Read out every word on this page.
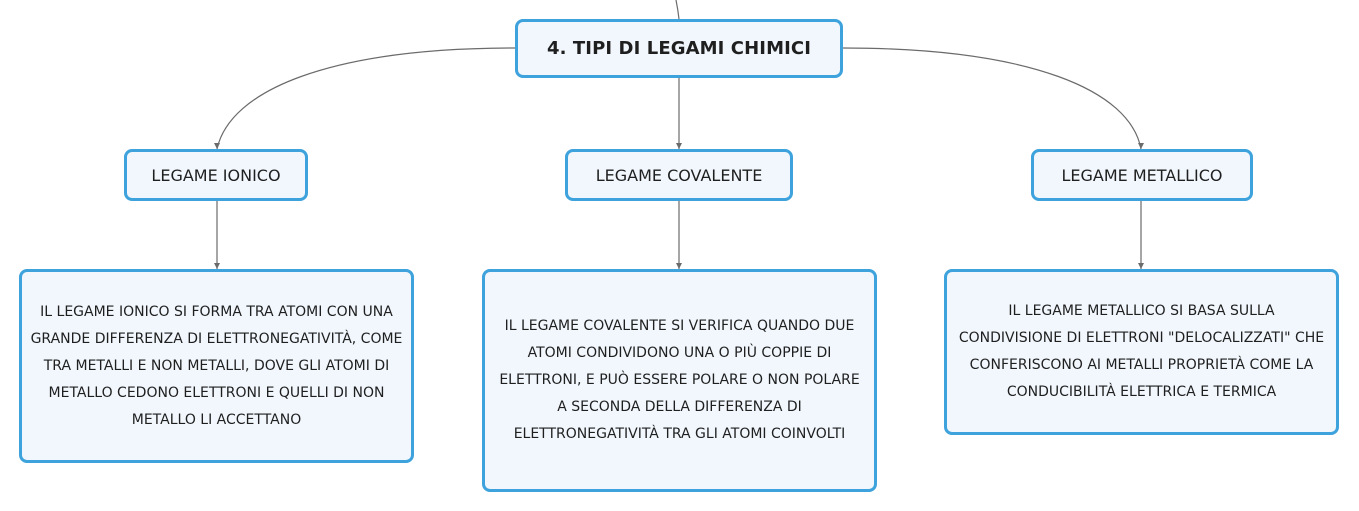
4. TIPI DI LEGAMI CHIMICI
LEGAME IONICO	LEGAME COVALENTE	LEGAME METALLICO
IL LEGAME IONICO SI FORMA TRA ATOMI CON UNA GRANDE DIFFERENZA DI ELETTRONEGATIVITÀ, COME TRA METALLI E NON METALLI, DOVE GLI ATOMI DI METALLO CEDONO ELETTRONI E QUELLI DI NON METALLO LI ACCETTANO
IL LEGAME COVALENTE SI VERIFICA QUANDO DUE ATOMI CONDIVIDONO UNA O PIÙ COPPIE DI ELETTRONI, E PUÒ ESSERE POLARE O NON POLARE A SECONDA DELLA DIFFERENZA DI ELETTRONEGATIVITÀ TRA GLI ATOMI COINVOLTI
IL LEGAME METALLICO SI BASA SULLA CONDIVISIONE DI ELETTRONI "DELOCALIZZATI" CHE CONFERISCONO AI METALLI PROPRIETÀ COME LA CONDUCIBILITÀ ELETTRICA E TERMICA
